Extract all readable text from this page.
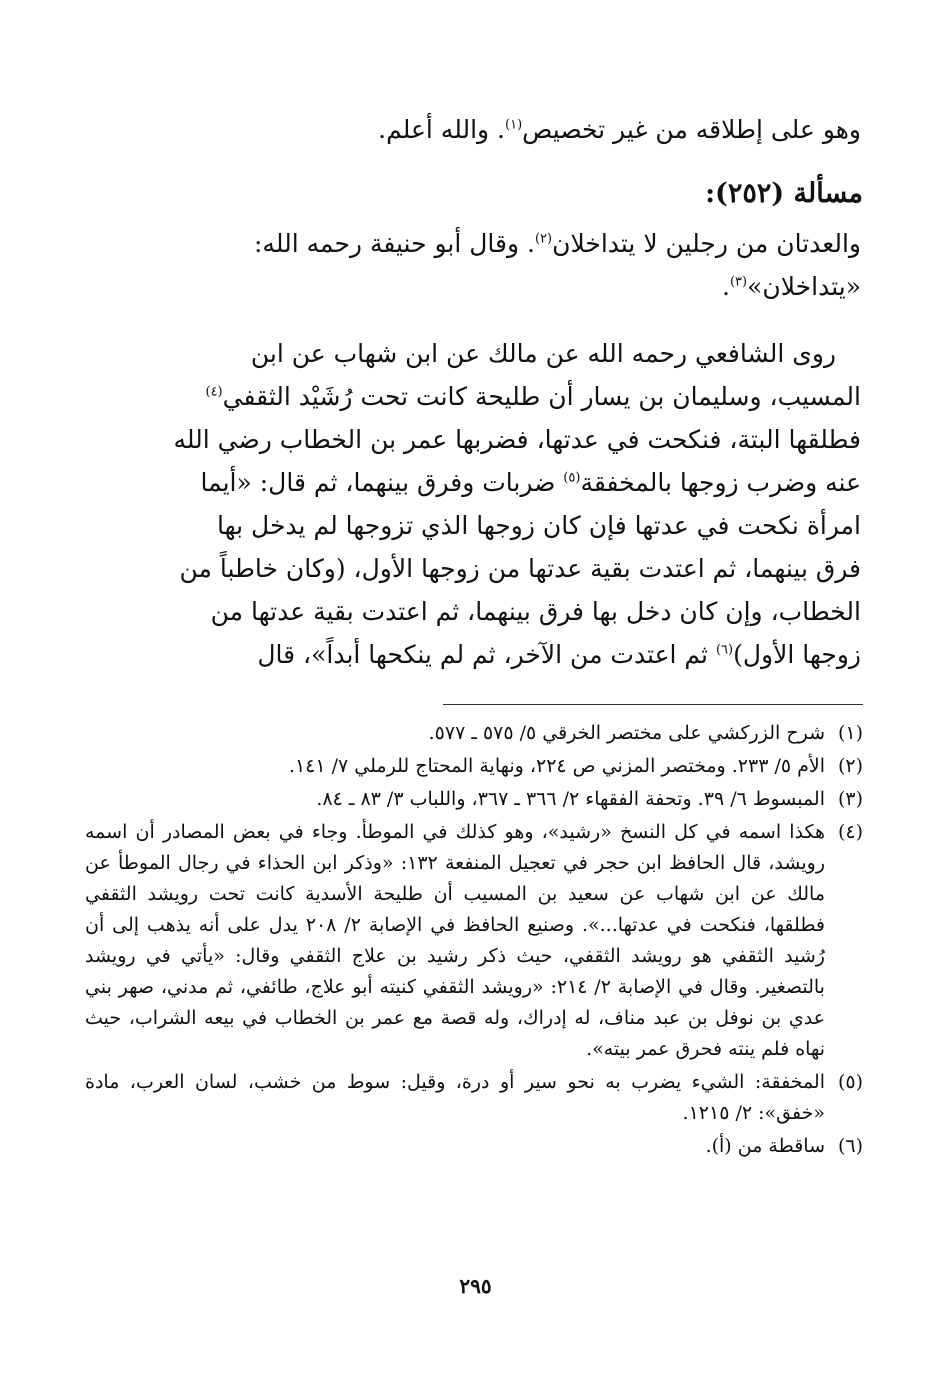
وهو على إطلاقه من غير تخصيص$^{(١)}$. والله أعلم.

مسألة (٢٥٢):

والعدتان من رجلين لا يتداخلان$^{(٢)}$. وقال أبو حنيفة رحمه الله:

«يتداخلان»$^{(٣)}$.

 روى الشافعي رحمه الله عن مالك عن ابن شهاب عن ابن

المسيب، وسليمان بن يسار أن طليحة كانت تحت رُشَيْد الثقفي$^{(٤)}$

فطلقها البتة، فنكحت في عدتها، فضربها عمر بن الخطاب رضي الله

عنه وضرب زوجها بالمخفقة$^{(٥)}$ ضربات وفرق بينهما، ثم قال: «أيما

امرأة نكحت في عدتها فإن كان زوجها الذي تزوجها لم يدخل بها

فرق بينهما، ثم اعتدت بقية عدتها من زوجها الأول، (وكان خاطباً من

الخطاب، وإن كان دخل بها فرق بينهما، ثم اعتدت بقية عدتها من

زوجها الأول)$^{(٦)}$ ثم اعتدت من الآخر، ثم لم ينكحها أبداً»، قال

(١)
شرح الزركشي على مختصر الخرقي ٥/ ٥٧٥ ـ ٥٧٧.
(٢)
الأم ٥/ ٢٣٣. ومختصر المزني ص ٢٢٤، ونهاية المحتاج للرملي ٧/ ١٤١.
(٣)
المبسوط ٦/ ٣٩. وتحفة الفقهاء ٢/ ٣٦٦ ـ ٣٦٧، واللباب ٣/ ٨٣ ـ ٨٤.
(٤)
هكذا اسمه في كل النسخ «رشيد»، وهو كذلك في الموطأ. وجاء في بعض المصادر أن اسمه رويشد، قال الحافظ ابن حجر في تعجيل المنفعة ١٣٢: «وذكر ابن الحذاء في رجال الموطأ عن مالك عن ابن شهاب عن سعيد بن المسيب أن طليحة الأسدية كانت تحت رويشد الثقفي فطلقها، فنكحت في عدتها...». وصنيع الحافظ في الإصابة ٢/ ٢٠٨ يدل على أنه يذهب إلى أن رُشيد الثقفي هو رويشد الثقفي، حيث ذكر رشيد بن علاج الثقفي وقال: «يأتي في رويشد بالتصغير. وقال في الإصابة ٢/ ٢١٤: «رويشد الثقفي كنيته أبو علاج، طائفي، ثم مدني، صهر بني عدي بن نوفل بن عبد مناف، له إدراك، وله قصة مع عمر بن الخطاب في بيعه الشراب، حيث نهاه فلم ينته فحرق عمر بيته».
(٥)
المخفقة: الشيء يضرب به نحو سير أو درة، وقيل: سوط من خشب، لسان العرب، مادة «خفق»: ٢/ ١٢١٥.
(٦)
ساقطة من (أ).
٢٩٥
